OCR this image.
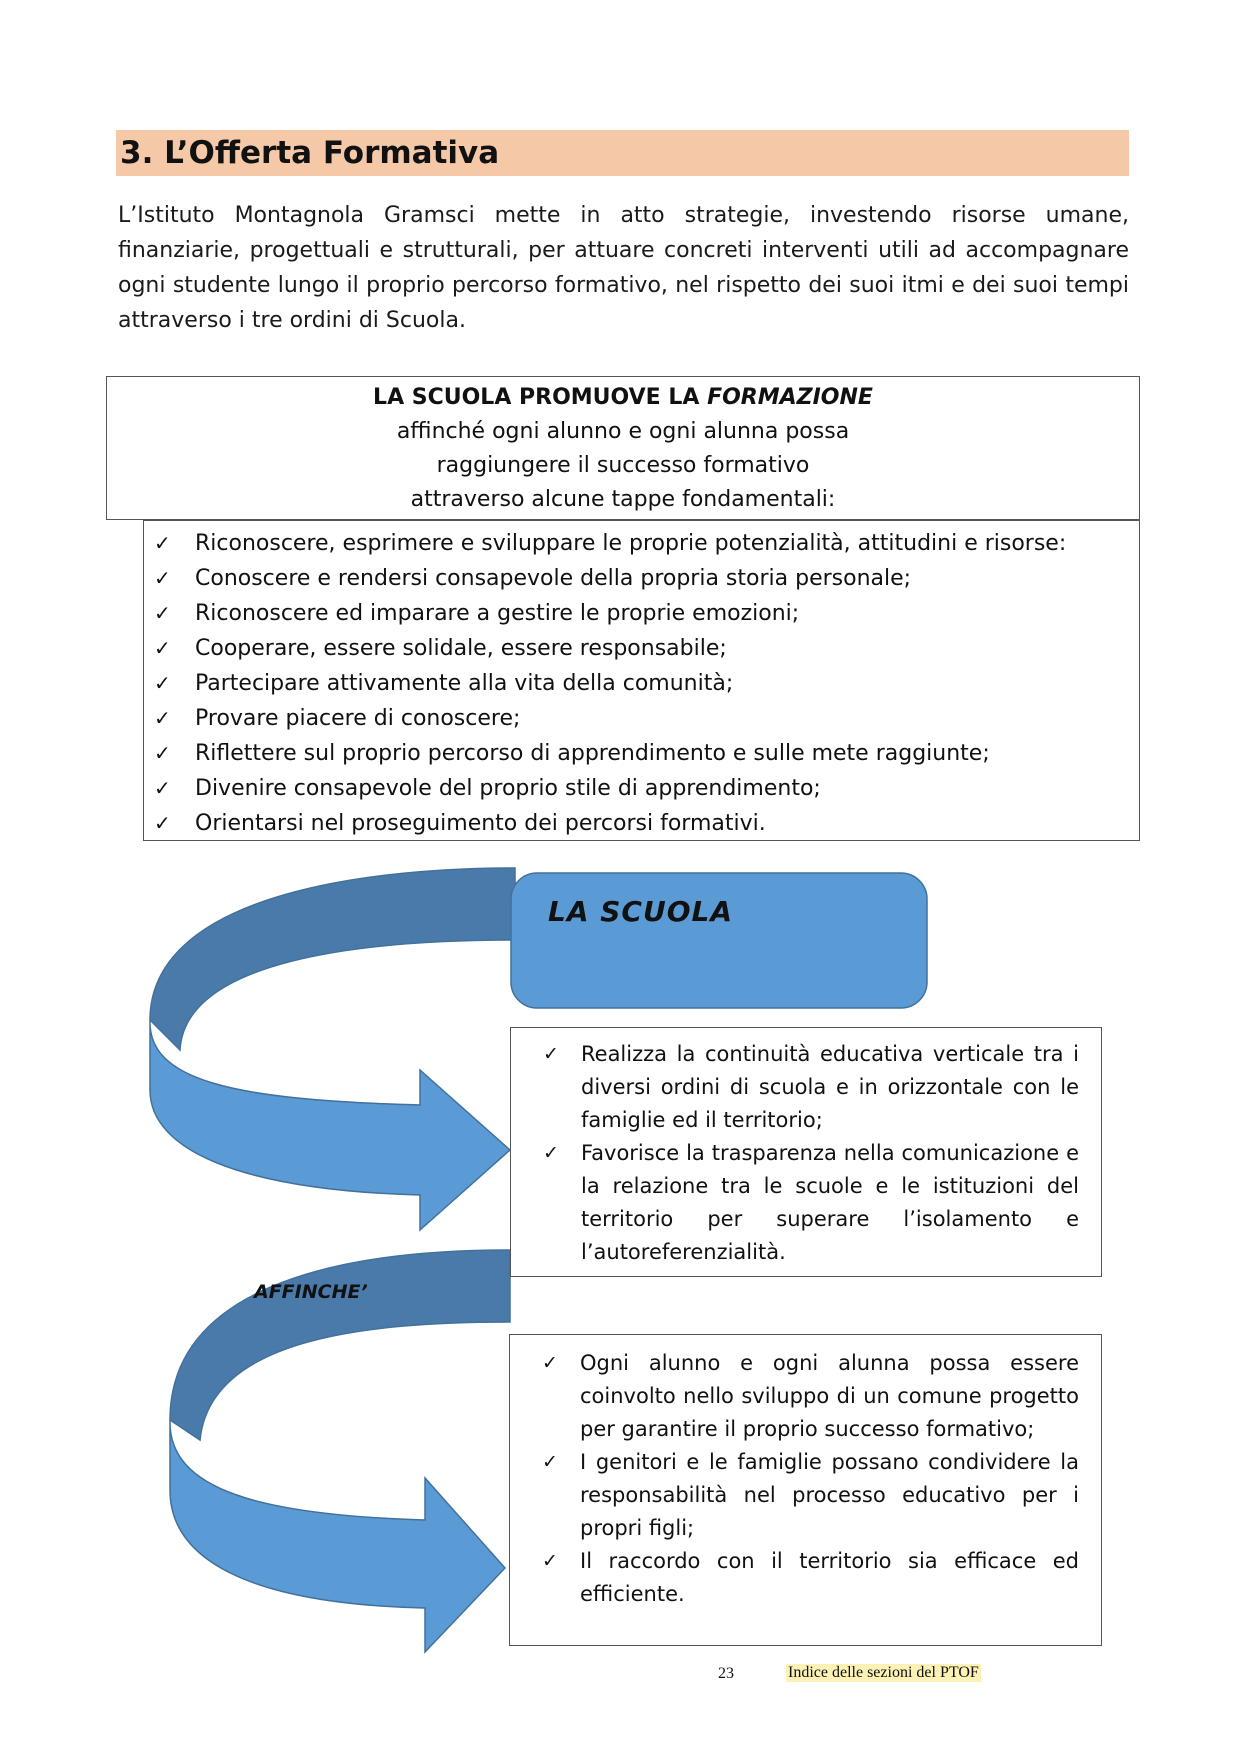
3. L’Offerta Formativa

L’Istituto Montagnola Gramsci mette in atto strategie, investendo risorse umane, finanziarie, progettuali e strutturali, per attuare concreti interventi utili ad accompagnare ogni studente lungo il proprio percorso formativo, nel rispetto dei suoi itmi e dei suoi tempi attraverso i tre ordini di Scuola.

LA SCUOLA PROMUOVE LA FORMAZIONE
affinché ogni alunno e ogni alunna possa
raggiungere il successo formativo
attraverso alcune tappe fondamentali:
✓ Riconoscere, esprimere e sviluppare le proprie potenzialità, attitudini e risorse:
✓ Conoscere e rendersi consapevole della propria storia personale;
✓ Riconoscere ed imparare a gestire le proprie emozioni;
✓ Cooperare, essere solidale, essere responsabile;
✓ Partecipare attivamente alla vita della comunità;
✓ Provare piacere di conoscere;
✓ Riflettere sul proprio percorso di apprendimento e sulle mete raggiunte;
✓ Divenire consapevole del proprio stile di apprendimento;
✓ Orientarsi nel proseguimento dei percorsi formativi.
LA SCUOLA
AFFINCHE’
✓ Realizza la continuità educativa verticale tra i diversi ordini di scuola e in orizzontale con le famiglie ed il territorio;
✓ Favorisce la trasparenza nella comunicazione e la relazione tra le scuole e le istituzioni del territorio per superare l’isolamento e l’autoreferenzialità.
✓ Ogni alunno e ogni alunna possa essere coinvolto nello sviluppo di un comune progetto per garantire il proprio successo formativo;
✓ I genitori e le famiglie possano condividere la responsabilità nel processo educativo per i propri figli;
✓ Il raccordo con il territorio sia efficace ed efficiente.
23	Indice delle sezioni del PTOF
